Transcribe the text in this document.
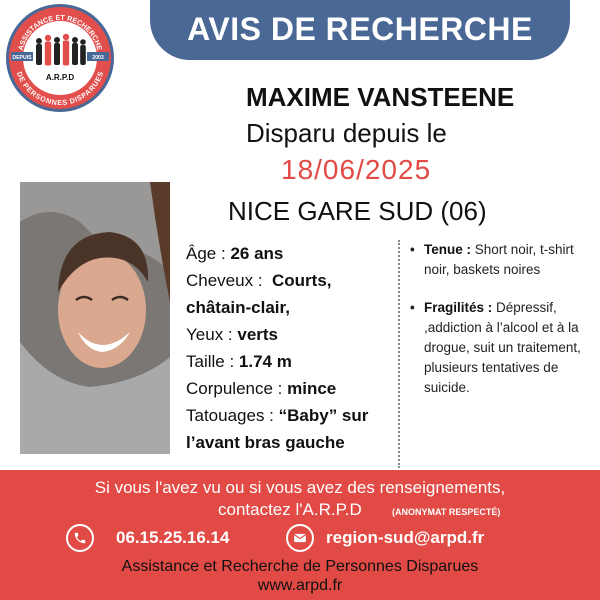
AVIS DE RECHERCHE
ASSISTANCE ET RECHERCHE
DE PERSONNES DISPARUES
DEPUIS	2003
A.R.P.D
MAXIME VANSTEENE
Disparu depuis le
18/06/2025
NICE GARE SUD (06)
Âge : 26 ans
Cheveux : Courts,
châtain-clair,
Yeux : verts
Taille : 1.74 m
Corpulence : mince
Tatouages : “Baby” sur
l’avant bras gauche
• Tenue : Short noir, t-shirt noir, baskets noires
• Fragilités : Dépressif, ,addiction à l’alcool et à la drogue, suit un traitement, plusieurs tentatives de suicide.
Si vous l'avez vu ou si vous avez des renseignements,
contactez l'A.R.P.D	(ANONYMAT RESPECTÉ)
06.15.25.16.14	region-sud@arpd.fr
Assistance et Recherche de Personnes Disparues
www.arpd.fr
